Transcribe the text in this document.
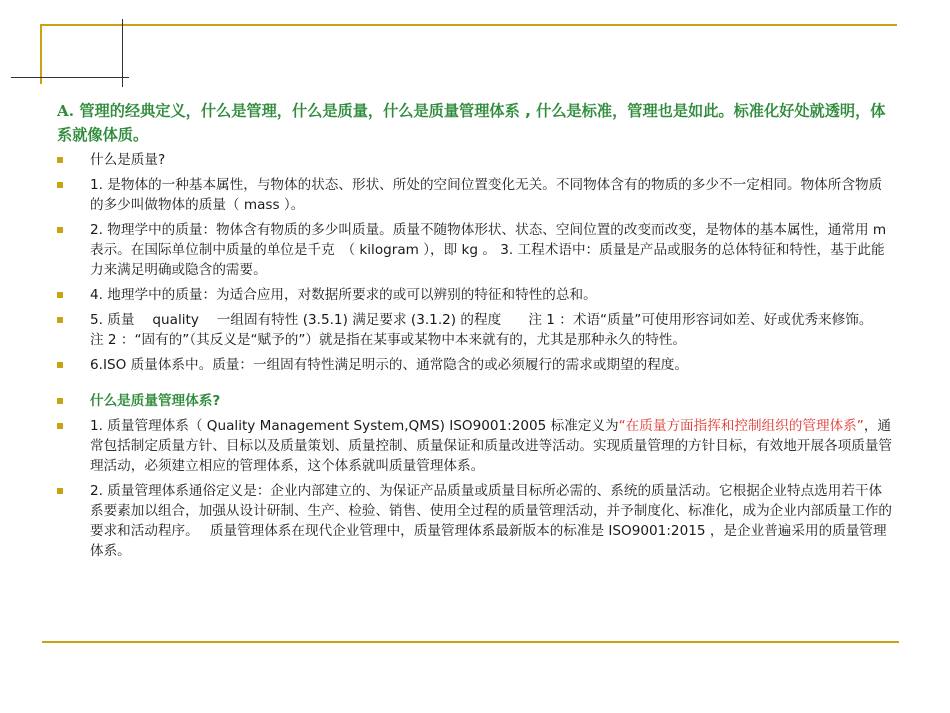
A. 管理的经典定义，什么是管理，什么是质量，什么是质量管理体系 , 什么是标准，管理也是如此。标准化好处就透明，体系就像体质。
什么是质量?
1. 是物体的一种基本属性，与物体的状态、形状、所处的空间位置变化无关。不同物体含有的物质的多少不一定相同。物体所含物质的多少叫做物体的质量（ mass ）。
2. 物理学中的质量：物体含有物质的多少叫质量。质量不随物体形状、状态、空间位置的改变而改变，是物体的基本属性，通常用 m 表示。在国际单位制中质量的单位是千克　（ kilogram ），即 kg 。 3. 工程术语中：质量是产品或服务的总体特征和特性，基于此能力来满足明确或隐含的需要。
4. 地理学中的质量：为适合应用，对数据所要求的或可以辨别的特征和特性的总和。
5. 质量　 quality　 一组固有特性 (3.5.1) 满足要求 (3.1.2) 的程度　　注 1 ：术语“质量”可使用形容词如差、好或优秀来修饰。　　注 2 ：“固有的”（其反义是“赋予的”）就是指在某事或某物中本来就有的，尤其是那种永久的特性。
6.ISO 质量体系中。质量：一组固有特性满足明示的、通常隐含的或必须履行的需求或期望的程度。
什么是质量管理体系?
1. 质量管理体系（ Quality Management System,QMS) ISO9001:2005 标准定义为“在质量方面指挥和控制组织的管理体系”，通常包括制定质量方针、目标以及质量策划、质量控制、质量保证和质量改进等活动。实现质量管理的方针目标，有效地开展各项质量管理活动，必须建立相应的管理体系，这个体系就叫质量管理体系。
2. 质量管理体系通俗定义是：企业内部建立的、为保证产品质量或质量目标所必需的、系统的质量活动。它根据企业特点选用若干体系要素加以组合，加强从设计研制、生产、检验、销售、使用全过程的质量管理活动，并予制度化、标准化，成为企业内部质量工作的要求和活动程序。　 质量管理体系在现代企业管理中，质量管理体系最新版本的标准是 ISO9001:2015 ，是企业普遍采用的质量管理体系。
